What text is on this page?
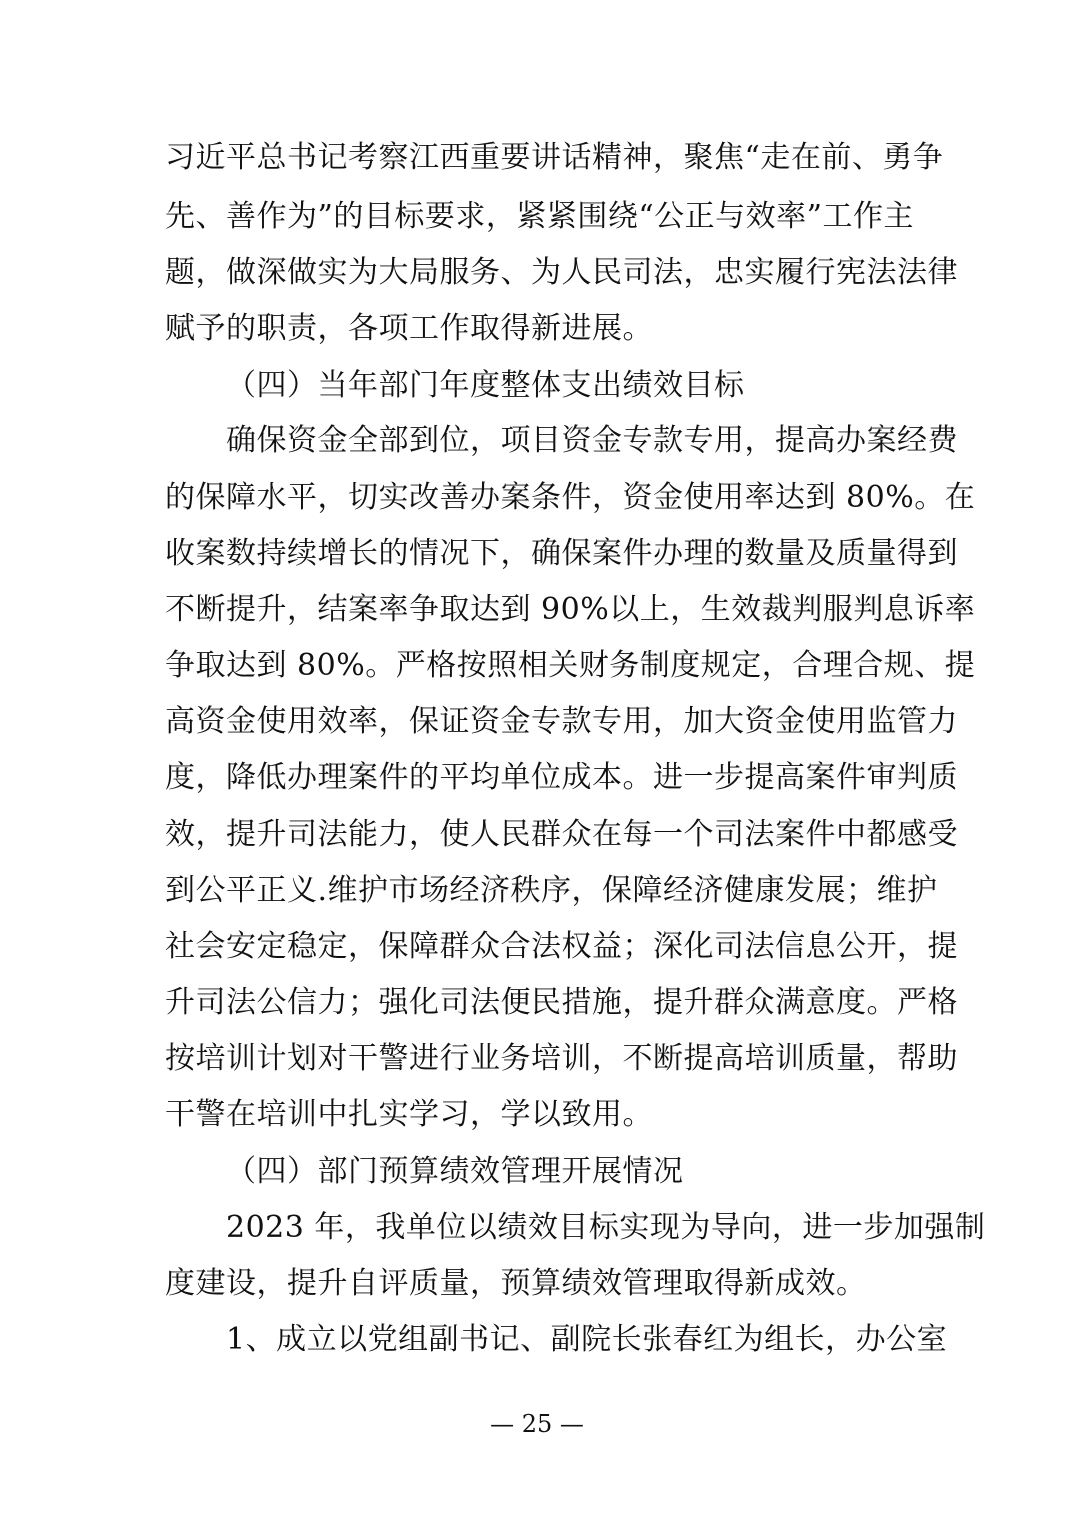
习近平总书记考察江西重要讲话精神，聚焦“走在前、勇争
先、善作为”的目标要求，紧紧围绕“公正与效率”工作主
题，做深做实为大局服务、为人民司法，忠实履行宪法法律
赋予的职责，各项工作取得新进展。
（四）当年部门年度整体支出绩效目标
确保资金全部到位，项目资金专款专用，提高办案经费
的保障水平，切实改善办案条件，资金使用率达到 80%。在
收案数持续增长的情况下，确保案件办理的数量及质量得到
不断提升，结案率争取达到 90%以上，生效裁判服判息诉率
争取达到 80%。严格按照相关财务制度规定，合理合规、提
高资金使用效率，保证资金专款专用，加大资金使用监管力
度，降低办理案件的平均单位成本。进一步提高案件审判质
效，提升司法能力，使人民群众在每一个司法案件中都感受
到公平正义.维护市场经济秩序，保障经济健康发展；维护
社会安定稳定，保障群众合法权益；深化司法信息公开，提
升司法公信力；强化司法便民措施，提升群众满意度。严格
按培训计划对干警进行业务培训，不断提高培训质量，帮助
干警在培训中扎实学习，学以致用。
（四）部门预算绩效管理开展情况
2023 年，我单位以绩效目标实现为导向，进一步加强制
度建设，提升自评质量，预算绩效管理取得新成效。
1、成立以党组副书记、副院长张春红为组长，办公室
— 25 —
